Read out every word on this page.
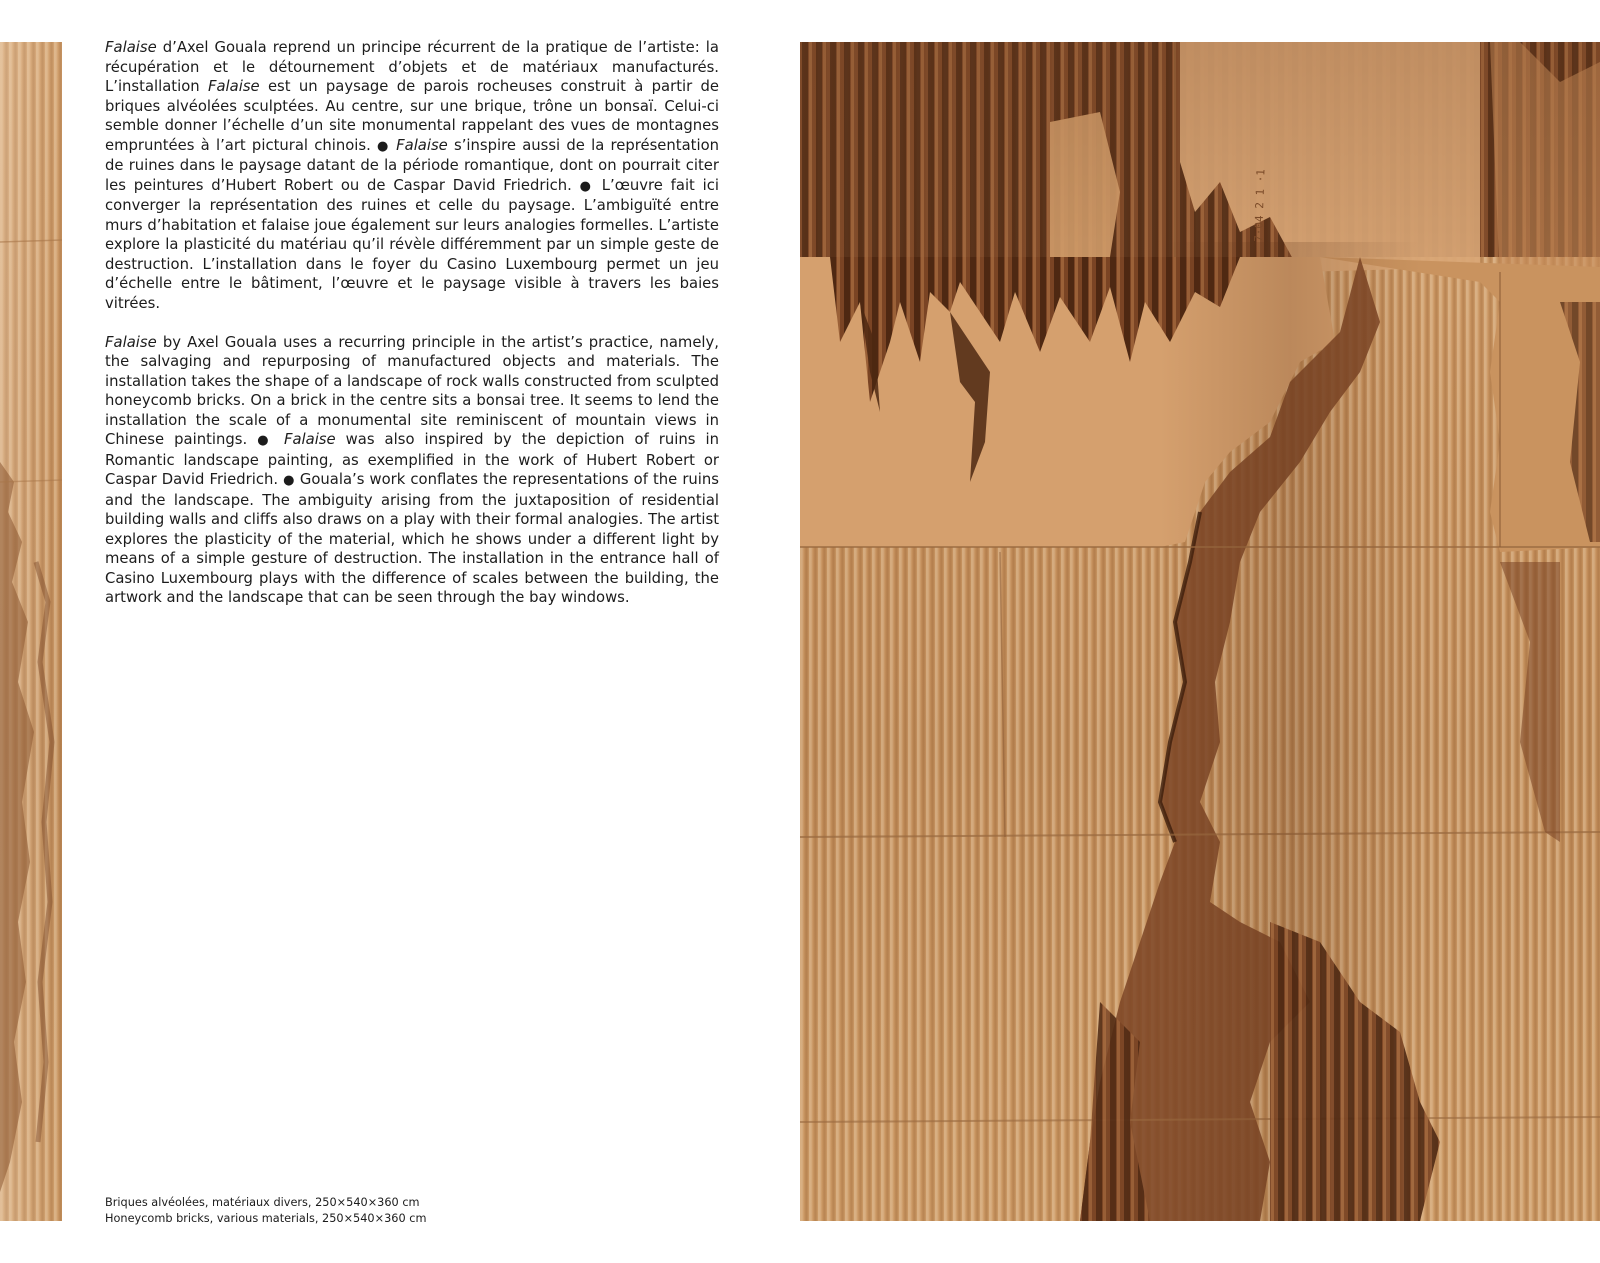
Falaise d’Axel Gouala reprend un principe récurrent de la pratique de l’artiste: la récupération et le détournement d’objets et de matériaux manufacturés. L’installation Falaise est un paysage de parois rocheuses construit à partir de briques alvéolées sculptées. Au centre, sur une brique, trône un bonsaï. Celui-ci semble donner l’échelle d’un site monumental rappelant des vues de montagnes empruntées à l’art pictural chinois. ● Falaise s’inspire aussi de la représentation de ruines dans le paysage datant de la période romantique, dont on pourrait citer les peintures d’Hubert Robert ou de Caspar David Friedrich. ● L’œuvre fait ici converger la représentation des ruines et celle du paysage. L’ambiguïté entre murs d’habitation et falaise joue également sur leurs analogies formelles. L’artiste explore la plasticité du matériau qu’il révèle différemment par un simple geste de destruction. L’installation dans le foyer du Casino Luxembourg permet un jeu d’échelle entre le bâtiment, l’œuvre et le paysage visible à travers les baies vitrées.

Falaise by Axel Gouala uses a recurring principle in the artist’s practice, namely, the salvaging and repurposing of manufactured objects and materials. The installation takes the shape of a landscape of rock walls constructed from sculpted honeycomb bricks. On a brick in the centre sits a bonsai tree. It seems to lend the installation the scale of a monumental site reminiscent of mountain views in Chinese paintings. ● Falaise was also inspired by the depiction of ruins in Romantic landscape painting, as exemplified in the work of Hubert Robert or Caspar David Friedrich. ● Gouala’s work conflates the representations of the ruins and the landscape. The ambiguity arising from the juxtaposition of residential building walls and cliffs also draws on a play with their formal analogies. The artist explores the plasticity of the material, which he shows under a different light by means of a simple gesture of destruction. The installation in the entrance hall of Casino Luxembourg plays with the difference of scales between the building, the artwork and the landscape that can be seen through the bay windows.

Briques alvéolées, matériaux divers, 250×540×360 cm
Honeycomb bricks, various materials, 250×540×360 cm
7·04 2 1 ·1
